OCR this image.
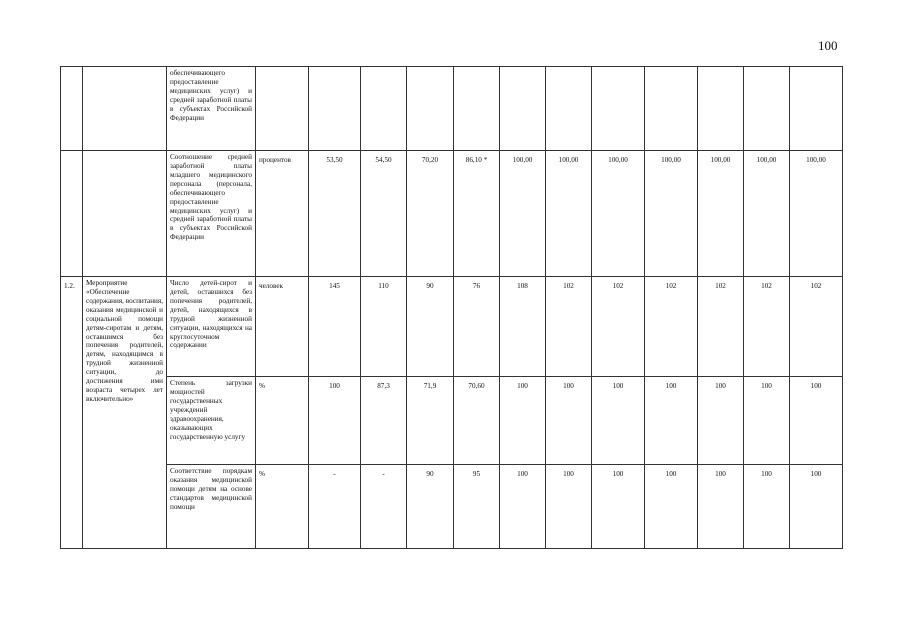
100
		обеспечивающего предоставление медицинских услуг) и средней заработной платы в субъектах Российской Федерации												
		Соотношение средней заработной платы младшего медицинского персонала (персонала, обеспечивающего предоставление медицинских услуг) и средней заработной платы в субъектах Российской Федерации	процентов	53,50	54,50	70,20	86,10 *	100,00	100,00	100,00	100,00	100,00	100,00	100,00
1.2.	Мероприятие «Обеспечение содержания, воспитания, оказания медицинской и социальной помощи детям-сиротам и детям, оставшимся без попечения родителей, детям, находящимся в трудной жизненной ситуации, до достижения ими возраста четырех лет включительно»	Число детей-сирот и детей, оставшихся без попечения родителей, детей, находящихся в трудной жизненной ситуации, находящихся на круглосуточном содержании	человек	145	110	90	76	108	102	102	102	102	102	102
		Степень загрузки мощностей государственных учреждений здравоохранения, оказывающих государственную услугу	%	100	87,3	71,9	70,60	100	100	100	100	100	100	100
		Соответствие порядкам оказания медицинской помощи детям на основе стандартов медицинской помощи	%	-	-	90	95	100	100	100	100	100	100	100
